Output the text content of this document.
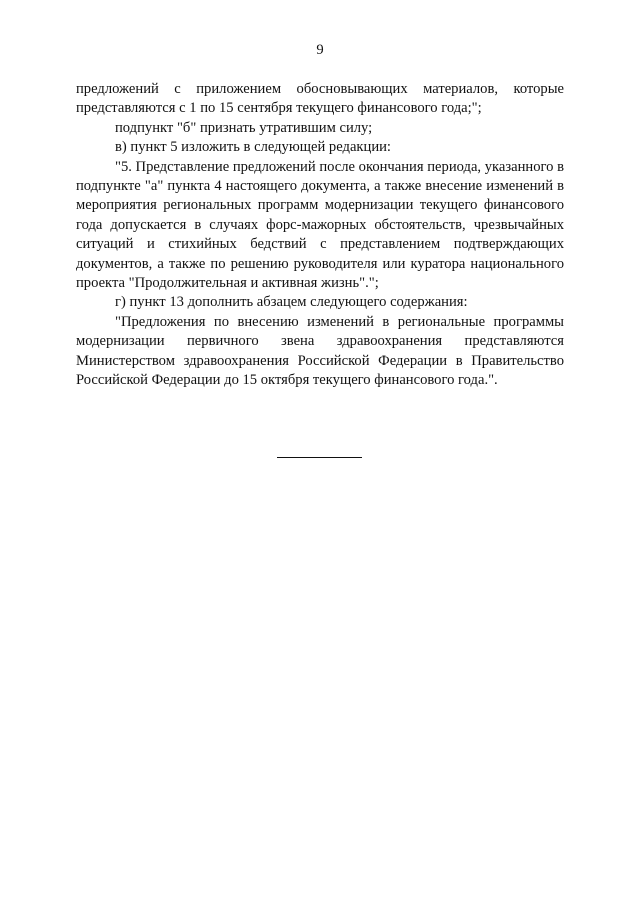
9

предложений с приложением обосновывающих материалов, которые представляются с 1 по 15 сентября текущего финансового года;";

подпункт "б" признать утратившим силу;

в) пункт 5 изложить в следующей редакции:

"5. Представление предложений после окончания периода, указанного в подпункте "а" пункта 4 настоящего документа, а также внесение изменений в мероприятия региональных программ модернизации текущего финансового года допускается в случаях форс-мажорных обстоятельств, чрезвычайных ситуаций и стихийных бедствий с представлением подтверждающих документов, а также по решению руководителя или куратора национального проекта "Продолжительная и активная жизнь".";

г) пункт 13 дополнить абзацем следующего содержания:

"Предложения по внесению изменений в региональные программы модернизации первичного звена здравоохранения представляются Министерством здравоохранения Российской Федерации в Правительство Российской Федерации до 15 октября текущего финансового года.".
